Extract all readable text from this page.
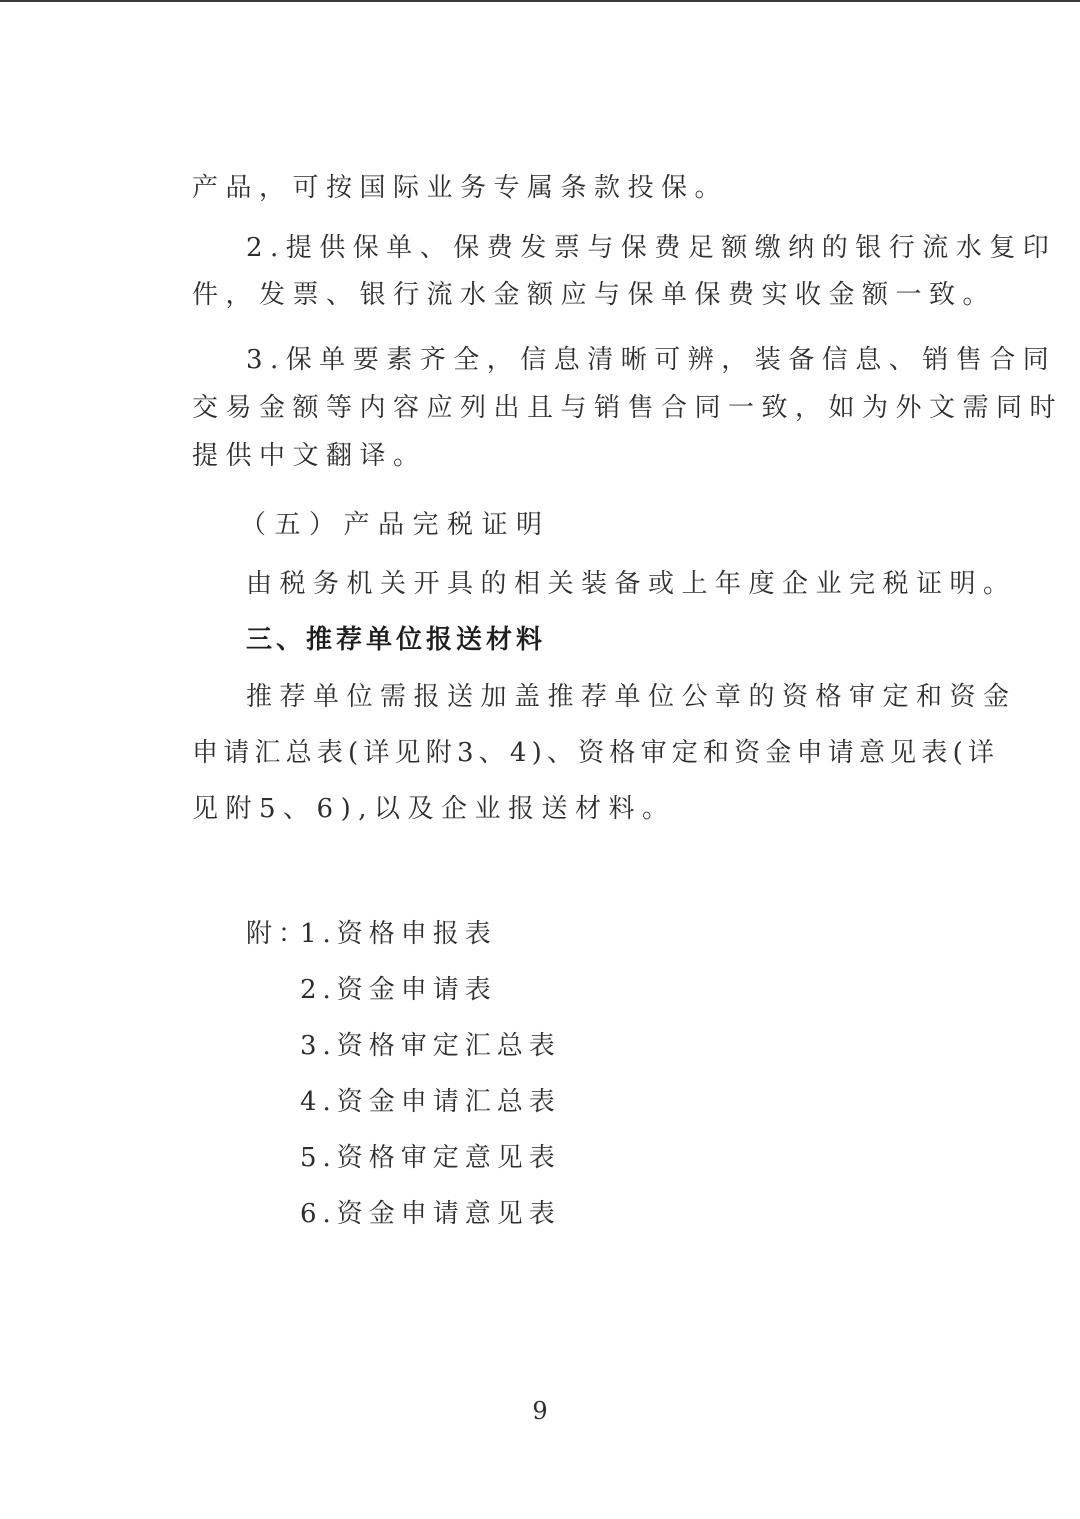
产品，可按国际业务专属条款投保。
2.提供保单、保费发票与保费足额缴纳的银行流水复印
件，发票、银行流水金额应与保单保费实收金额一致。
3.保单要素齐全，信息清晰可辨，装备信息、销售合同
交易金额等内容应列出且与销售合同一致，如为外文需同时
提供中文翻译。
（五）产品完税证明
由税务机关开具的相关装备或上年度企业完税证明。
三、推荐单位报送材料
推荐单位需报送加盖推荐单位公章的资格审定和资金
申请汇总表(详见附3、4)、资格审定和资金申请意见表(详
见附5、6),以及企业报送材料。
附：
1.资格申报表
2.资金申请表
3.资格审定汇总表
4.资金申请汇总表
5.资格审定意见表
6.资金申请意见表
9
